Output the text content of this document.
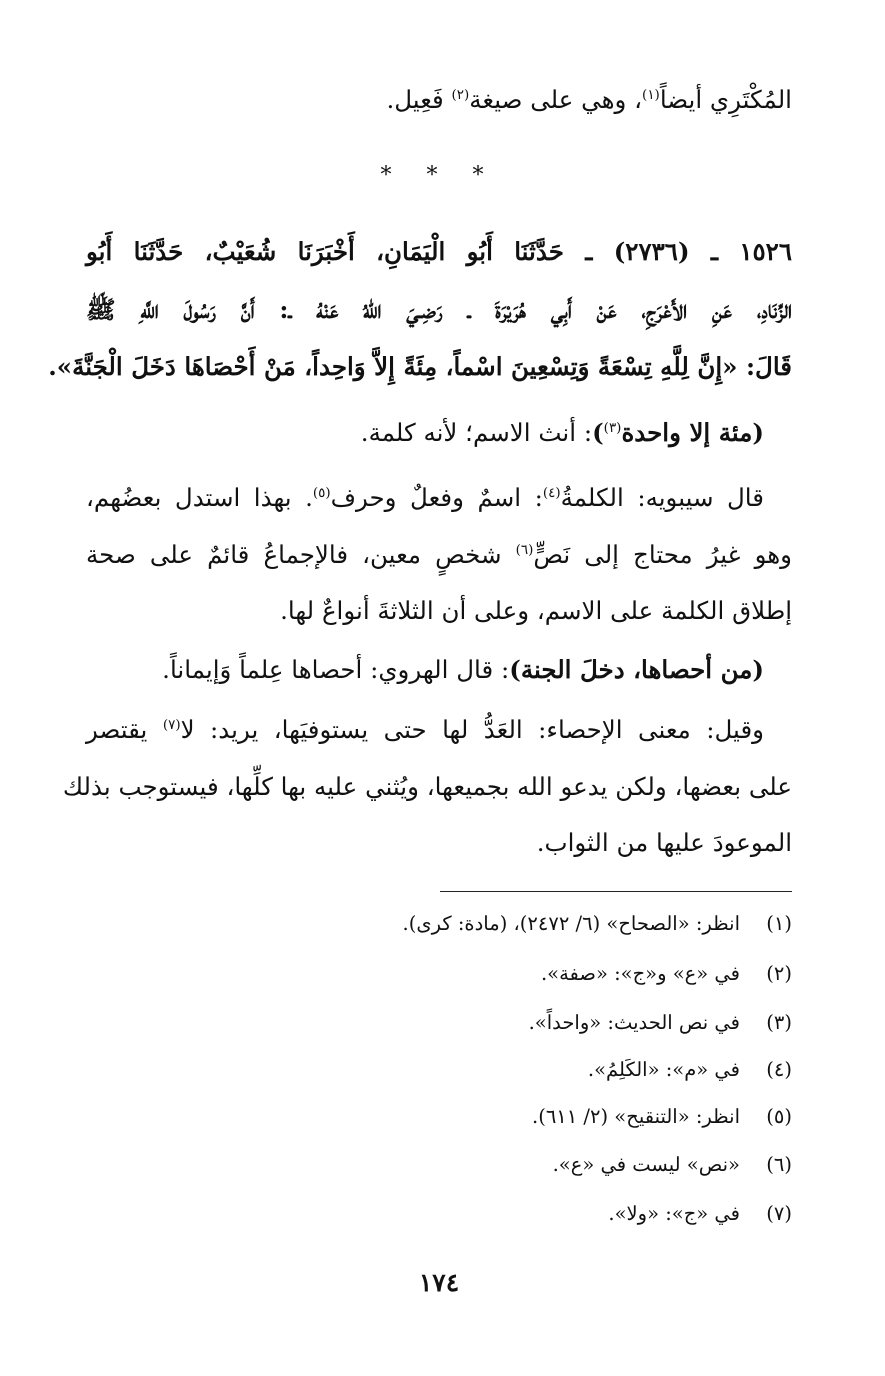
المُكْتَرِي أيضاً$^{(١)}$، وهي على صيغة$^{(٢)}$ فَعِيل.
* * *
١٥٢٦ ـ (٢٧٣٦) ـ حَدَّثَنَا أَبُو الْيَمَانِ، أَخْبَرَنَا شُعَيْبٌ، حَدَّثَنَا أَبُو
الزِّنَادِ، عَنِ الأَعْرَجِ، عَنْ أَبِي هُرَيْرَةَ ـ رَضِـيَ اللهُ عَنْهُ ـ: أَنَّ رَسُولَ اللَّهِ ﷺ
قَالَ: «إِنَّ لِلَّهِ تِسْعَةً وَتِسْعِينَ اسْماً، مِئَةً إِلاَّ وَاحِداً، مَنْ أَحْصَاهَا دَخَلَ الْجَنَّةَ».
(مئة إلا واحدة$^{(٣)}$): أنث الاسم؛ لأنه كلمة.
قال سيبويه: الكلمةُ$^{(٤)}$: اسمٌ وفعلٌ وحرف$^{(٥)}$. بهذا استدل بعضُهم،
وهو غيرُ محتاج إلى نَصٍّ$^{(٦)}$ شخصٍ معين، فالإجماعُ قائمٌ على صحة
إطلاق الكلمة على الاسم، وعلى أن الثلاثةَ أنواعٌ لها.
(من أحصاها، دخلَ الجنة): قال الهروي: أحصاها عِلماً وَإيماناً.
وقيل: معنى الإحصاء: العَدُّ لها حتى يستوفيَها، يريد: لا$^{(٧)}$ يقتصر
على بعضها، ولكن يدعو الله بجميعها، ويُثني عليه بها كلِّها، فيستوجب بذلك
الموعودَ عليها من الثواب.
(١)انظر: «الصحاح» (٦/ ٢٤٧٢)، (مادة: كرى).
(٢)في «ع» و«ج»: «صفة».
(٣)في نص الحديث: «واحداً».
(٤)في «م»: «الكَلِمُ».
(٥)انظر: «التنقيح» (٢/ ٦١١).
(٦)«نص» ليست في «ع».
(٧)في «ج»: «ولا».
١٧٤
